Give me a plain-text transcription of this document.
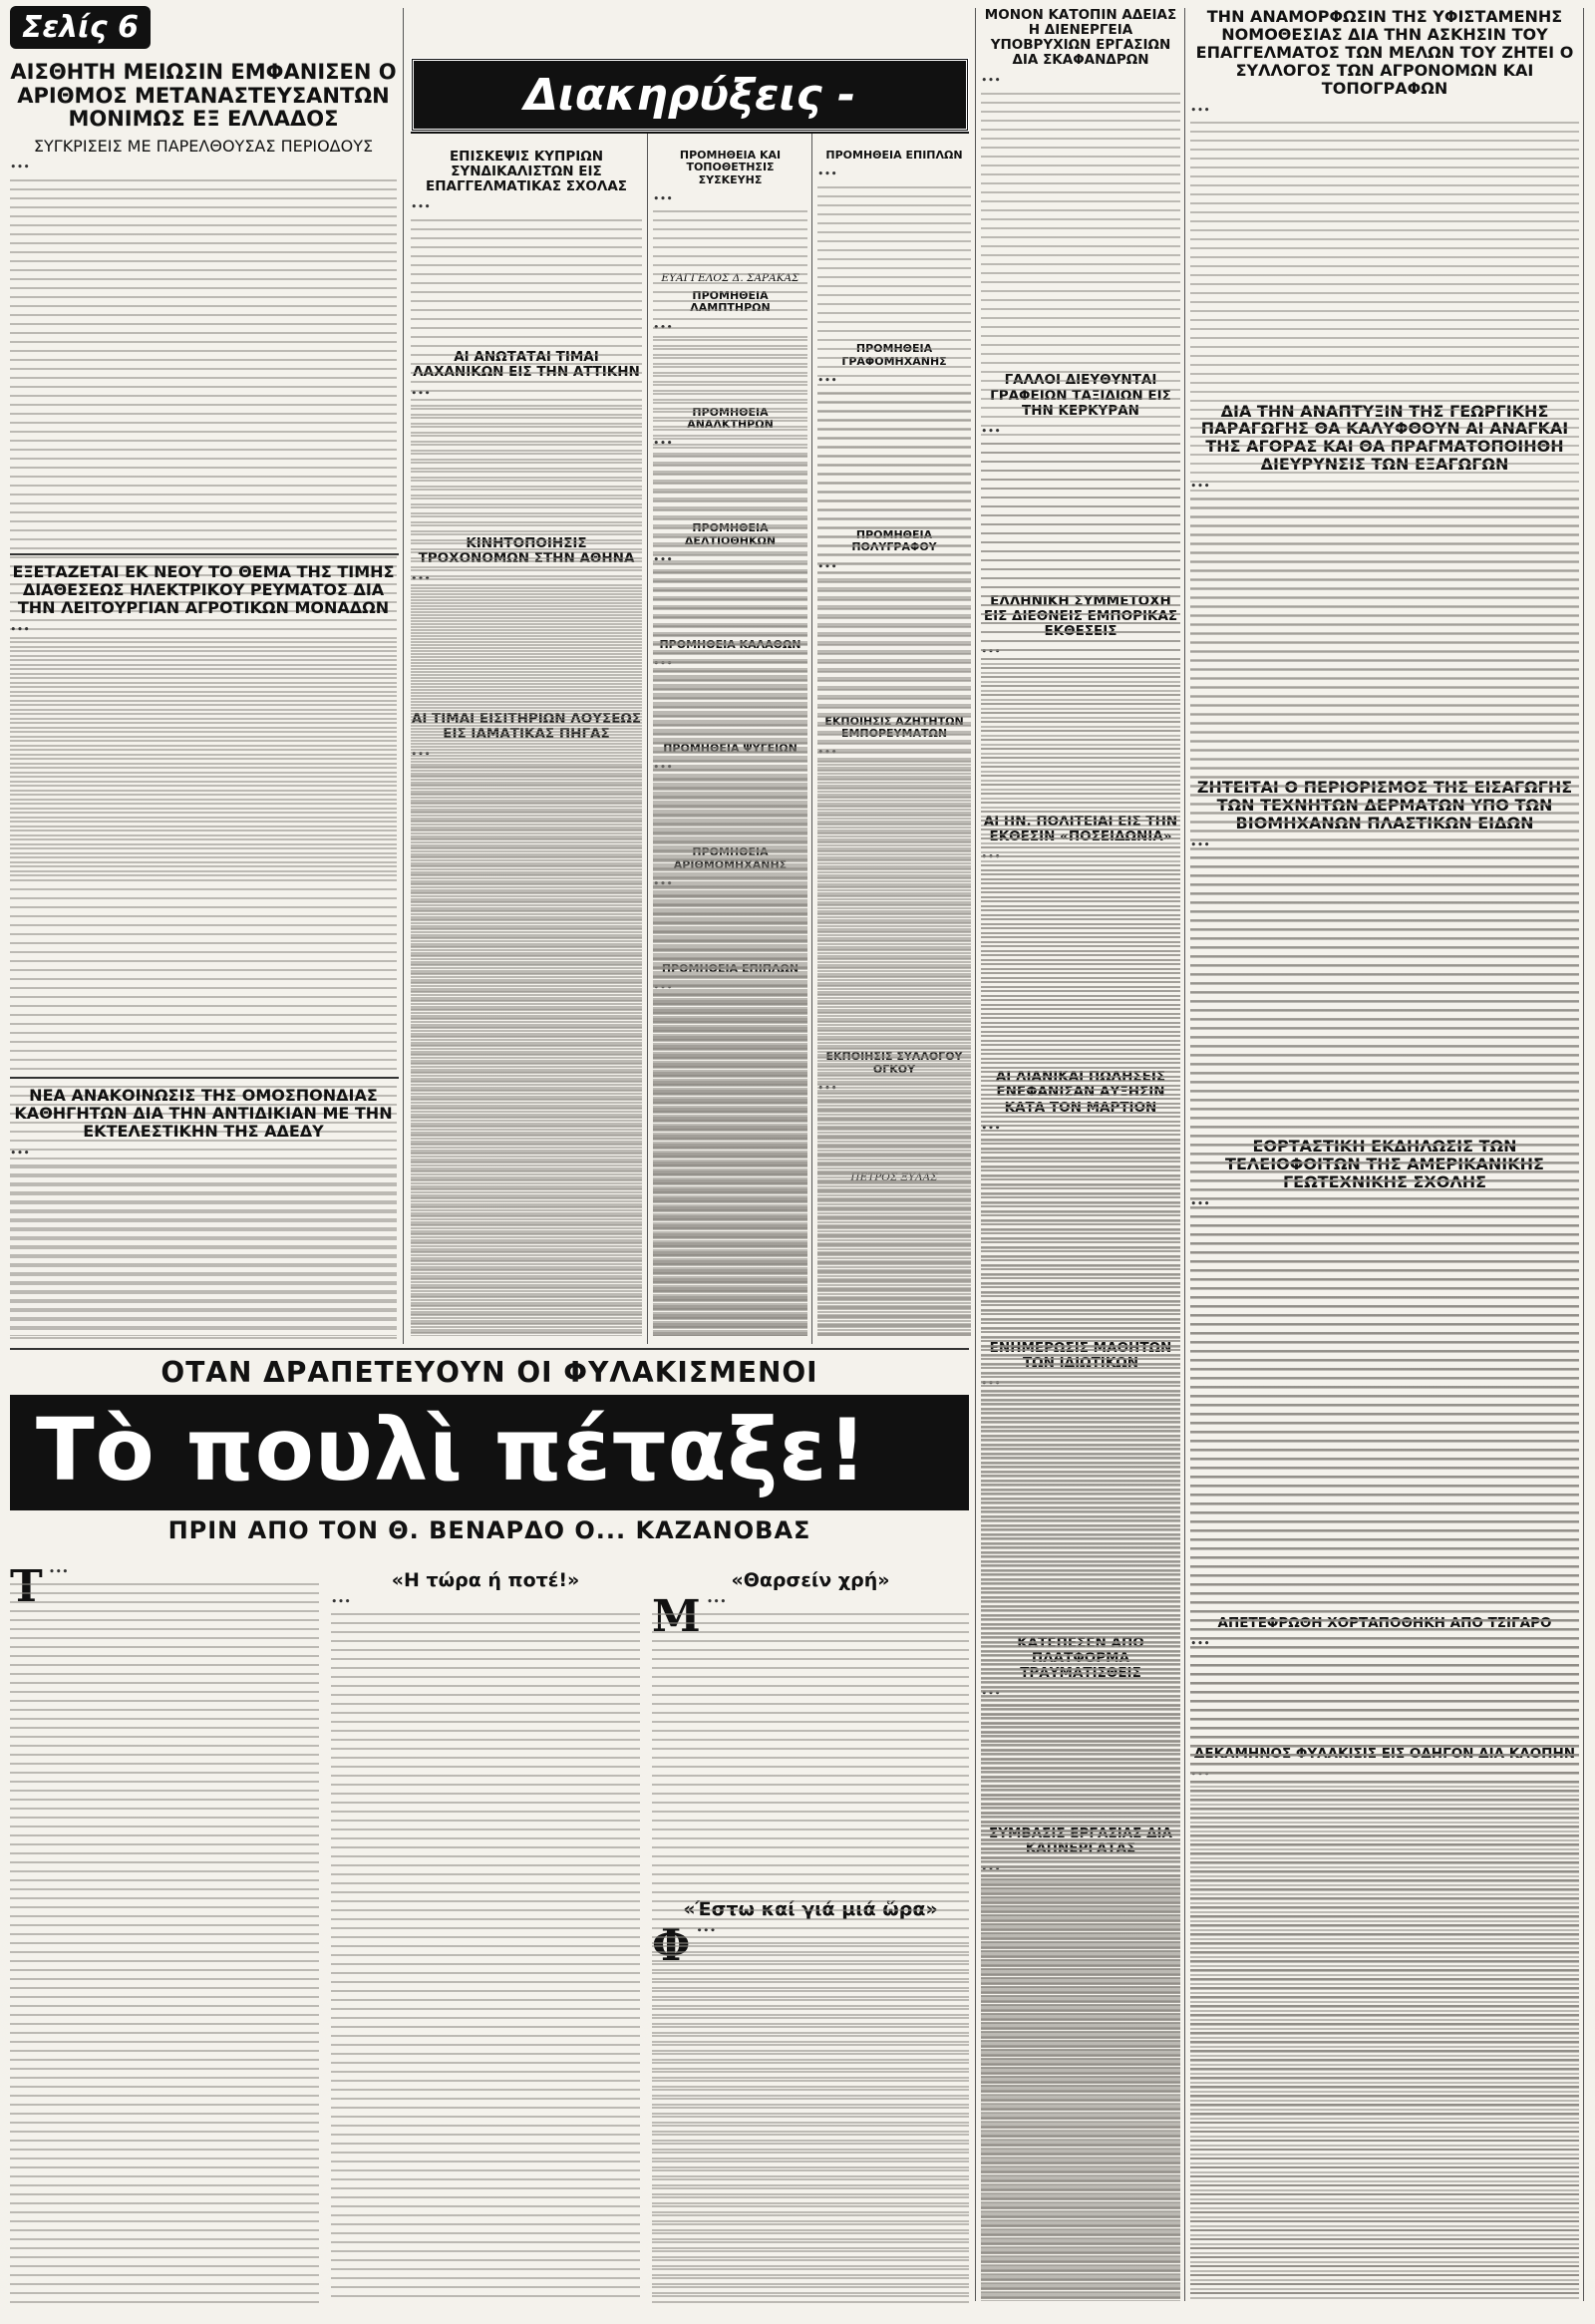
Σελίς 6
ΑΙΣΘΗΤΗ ΜΕΙΩΣΙΝ ΕΜΦΑΝΙΣΕΝ Ο ΑΡΙΘΜΟΣ ΜΕΤΑΝΑΣΤΕΥΣΑΝΤΩΝ ΜΟΝΙΜΩΣ ΕΞ ΕΛΛΑΔΟΣ
ΣΥΓΚΡΙΣΕΙΣ ΜΕ ΠΑΡΕΛΘΟΥΣΑΣ ΠΕΡΙΟΔΟΥΣ
•••
Διακηρύξεις -
ΕΠΙΣΚΕΨΙΣ ΚΥΠΡΙΩΝ ΣΥΝΔΙΚΑΛΙΣΤΩΝ ΕΙΣ ΕΠΑΓΓΕΛΜΑΤΙΚΑΣ ΣΧΟΛΑΣ
•••
ΑΙ ΑΝΩΤΑΤΑΙ ΤΙΜΑΙ ΛΑΧΑΝΙΚΩΝ ΕΙΣ ΤΗΝ ΑΤΤΙΚΗΝ
•••
ΚΙΝΗΤΟΠΟΙΗΣΙΣ ΤΡΟΧΟΝΟΜΩΝ ΣΤΗΝ ΑΘΗΝΑ
•••
ΑΙ ΤΙΜΑΙ ΕΙΣΙΤΗΡΙΩΝ ΛΟΥΣΕΩΣ ΕΙΣ ΙΑΜΑΤΙΚΑΣ ΠΗΓΑΣ
•••
ΠΡΟΜΗΘΕΙΑ ΚΑΙ ΤΟΠΟΘΕΤΗΣΙΣ ΣΥΣΚΕΥΗΣ
•••
ΕΥΑΓΓΕΛΟΣ Δ. ΣΑΡΑΚΑΣ
ΠΡΟΜΗΘΕΙΑ ΛΑΜΠΤΗΡΩΝ
•••
ΠΡΟΜΗΘΕΙΑ ΑΝΑΛΚΤΗΡΩΝ
•••
ΠΡΟΜΗΘΕΙΑ ΔΕΛΤΙΟΘΗΚΩΝ
•••
ΠΡΟΜΗΘΕΙΑ ΚΑΛΑΘΩΝ
•••
ΠΡΟΜΗΘΕΙΑ ΨΥΓΕΙΩΝ
•••
ΠΡΟΜΗΘΕΙΑ ΑΡΙΘΜΟΜΗΧΑΝΗΣ
•••
ΠΡΟΜΗΘΕΙΑ ΕΠΙΠΛΩΝ
•••
ΠΡΟΜΗΘΕΙΑ ΕΠΙΠΛΩΝ
•••
ΠΡΟΜΗΘΕΙΑ ΓΡΑΦΟΜΗΧΑΝΗΣ
•••
ΠΡΟΜΗΘΕΙΑ ΠΟΛΥΓΡΑΦΟΥ
•••
ΕΚΠΟΙΗΣΙΣ ΑΖΗΤΗΤΩΝ ΕΜΠΟΡΕΥΜΑΤΩΝ
•••
ΕΚΠΟΙΗΣΙΣ ΣΥΛΛΟΓΟΥ ΟΓΚΟΥ
•••
ΠΕΤΡΟΣ ΞΥΛΑΣ
ΕΞΕΤΑΖΕΤΑΙ ΕΚ ΝΕΟΥ ΤΟ ΘΕΜΑ ΤΗΣ ΤΙΜΗΣ ΔΙΑΘΕΣΕΩΣ ΗΛΕΚΤΡΙΚΟΥ ΡΕΥΜΑΤΟΣ ΔΙΑ ΤΗΝ ΛΕΙΤΟΥΡΓΙΑΝ ΑΓΡΟΤΙΚΩΝ ΜΟΝΑΔΩΝ
•••
ΝΕΑ ΑΝΑΚΟΙΝΩΣΙΣ ΤΗΣ ΟΜΟΣΠΟΝΔΙΑΣ ΚΑΘΗΓΗΤΩΝ ΔΙΑ ΤΗΝ ΑΝΤΙΔΙΚΙΑΝ ΜΕ ΤΗΝ ΕΚΤΕΛΕΣΤΙΚΗΝ ΤΗΣ ΑΔΕΔΥ
•••
ΜΟΝΟΝ ΚΑΤΟΠΙΝ ΑΔΕΙΑΣ Η ΔΙΕΝΕΡΓΕΙΑ ΥΠΟΒΡΥΧΙΩΝ ΕΡΓΑΣΙΩΝ ΔΙΑ ΣΚΑΦΑΝΔΡΩΝ
•••
ΓΑΛΛΟΙ ΔΙΕΥΘΥΝΤΑΙ ΓΡΑΦΕΙΩΝ ΤΑΞΙΔΙΩΝ ΕΙΣ ΤΗΝ ΚΕΡΚΥΡΑΝ
•••
ΕΛΛΗΝΙΚΗ ΣΥΜΜΕΤΟΧΗ ΕΙΣ ΔΙΕΘΝΕΙΣ ΕΜΠΟΡΙΚΑΣ ΕΚΘΕΣΕΙΣ
•••
ΑΙ ΗΝ. ΠΟΛΙΤΕΙΑΙ ΕΙΣ ΤΗΝ ΕΚΘΕΣΙΝ «ΠΟΣΕΙΔΩΝΙΑ»
•••
ΑΙ ΛΙΑΝΙΚΑΙ ΠΩΛΗΣΕΙΣ ΕΝΕΦΑΝΙΣΑΝ ΑΥΞΗΣΙΝ ΚΑΤΑ ΤΟΝ ΜΑΡΤΙΟΝ
•••
ΕΝΗΜΕΡΩΣΙΣ ΜΑΘΗΤΩΝ ΤΩΝ ΙΔΙΩΤΙΚΩΝ
•••
ΚΑΤΕΠΕΣΕΝ ΑΠΟ ΠΛΑΤΦΟΡΜΑ ΤΡΑΥΜΑΤΙΣΘΕΙΣ
•••
ΣΥΜΒΑΣΙΣ ΕΡΓΑΣΙΑΣ ΔΙΑ ΚΑΠΝΕΡΓΑΤΑΣ
•••
ΤΗΝ ΑΝΑΜΟΡΦΩΣΙΝ ΤΗΣ ΥΦΙΣΤΑΜΕΝΗΣ ΝΟΜΟΘΕΣΙΑΣ ΔΙΑ ΤΗΝ ΑΣΚΗΣΙΝ ΤΟΥ ΕΠΑΓΓΕΛΜΑΤΟΣ ΤΩΝ ΜΕΛΩΝ ΤΟΥ ΖΗΤΕΙ Ο ΣΥΛΛΟΓΟΣ ΤΩΝ ΑΓΡΟΝΟΜΩΝ ΚΑΙ ΤΟΠΟΓΡΑΦΩΝ
•••
ΔΙΑ ΤΗΝ ΑΝΑΠΤΥΞΙΝ ΤΗΣ ΓΕΩΡΓΙΚΗΣ ΠΑΡΑΓΩΓΗΣ ΘΑ ΚΑΛΥΦΘΟΥΝ ΑΙ ΑΝΑΓΚΑΙ ΤΗΣ ΑΓΟΡΑΣ ΚΑΙ ΘΑ ΠΡΑΓΜΑΤΟΠΟΙΗΘΗ ΔΙΕΥΡΥΝΣΙΣ ΤΩΝ ΕΞΑΓΩΓΩΝ
•••
ΖΗΤΕΙΤΑΙ Ο ΠΕΡΙΟΡΙΣΜΟΣ ΤΗΣ ΕΙΣΑΓΩΓΗΣ ΤΩΝ ΤΕΧΝΗΤΩΝ ΔΕΡΜΑΤΩΝ ΥΠΟ ΤΩΝ ΒΙΟΜΗΧΑΝΩΝ ΠΛΑΣΤΙΚΩΝ ΕΙΔΩΝ
•••
ΕΟΡΤΑΣΤΙΚΗ ΕΚΔΗΛΩΣΙΣ ΤΩΝ ΤΕΛΕΙΟΦΟΙΤΩΝ ΤΗΣ ΑΜΕΡΙΚΑΝΙΚΗΣ ΓΕΩΤΕΧΝΙΚΗΣ ΣΧΟΛΗΣ
•••
ΑΠΕΤΕΦΡΩΘΗ ΧΟΡΤΑΠΟΘΗΚΗ ΑΠΟ ΤΣΙΓΑΡΟ
•••
ΔΕΚΑΜΗΝΟΣ ΦΥΛΑΚΙΣΙΣ ΕΙΣ ΟΔΗΓΟΝ ΔΙΑ ΚΛΟΠΗΝ
•••
ΟΤΑΝ ΔΡΑΠΕΤΕΥΟΥΝ ΟΙ ΦΥΛΑΚΙΣΜΕΝΟΙ
Τὸ πουλὶ πέταξε!
ΠΡΙΝ ΑΠΟ ΤΟΝ Θ. ΒΕΝΑΡΔΟ Ο... ΚΑΖΑΝΟΒΑΣ
Τ •••	«Η τώρα ή ποτέ!»
•••
«Θαρσείν χρή»
Μ •••
«Έστω καί γιά μιά ὥρα»
Φ •••
